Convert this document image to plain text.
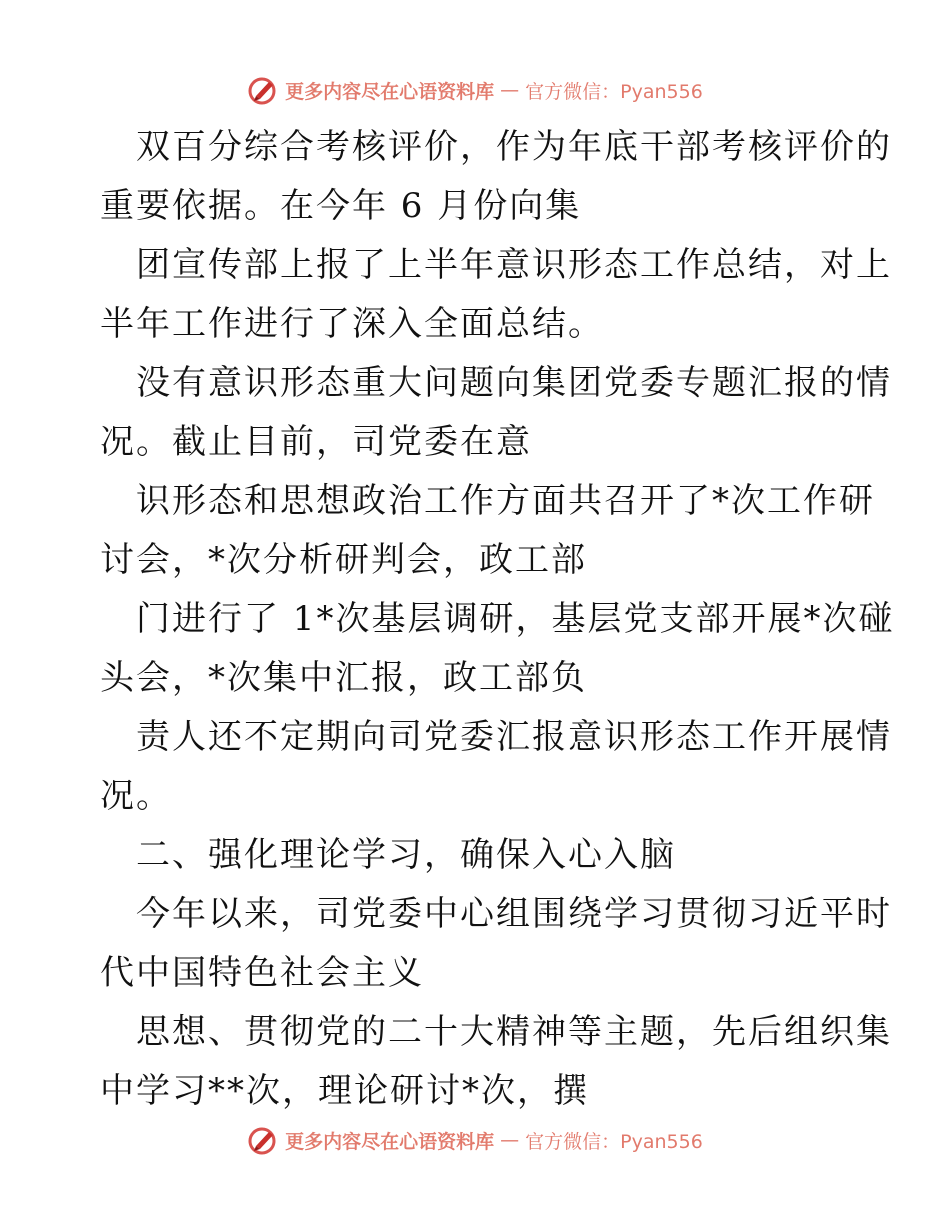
更多内容尽在心语资料库 — 官方微信：Pyan556
双百分综合考核评价，作为年底干部考核评价的
重要依据。在今年 6 月份向集
团宣传部上报了上半年意识形态工作总结，对上
半年工作进行了深入全面总结。
没有意识形态重大问题向集团党委专题汇报的情
况。截止目前，司党委在意
识形态和思想政治工作方面共召开了*次工作研
讨会，*次分析研判会，政工部
门进行了 1*次基层调研，基层党支部开展*次碰
头会，*次集中汇报，政工部负
责人还不定期向司党委汇报意识形态工作开展情
况。
二、强化理论学习，确保入心入脑
今年以来，司党委中心组围绕学习贯彻习近平时
代中国特色社会主义
思想、贯彻党的二十大精神等主题，先后组织集
中学习**次，理论研讨*次，撰
更多内容尽在心语资料库 — 官方微信：Pyan556
